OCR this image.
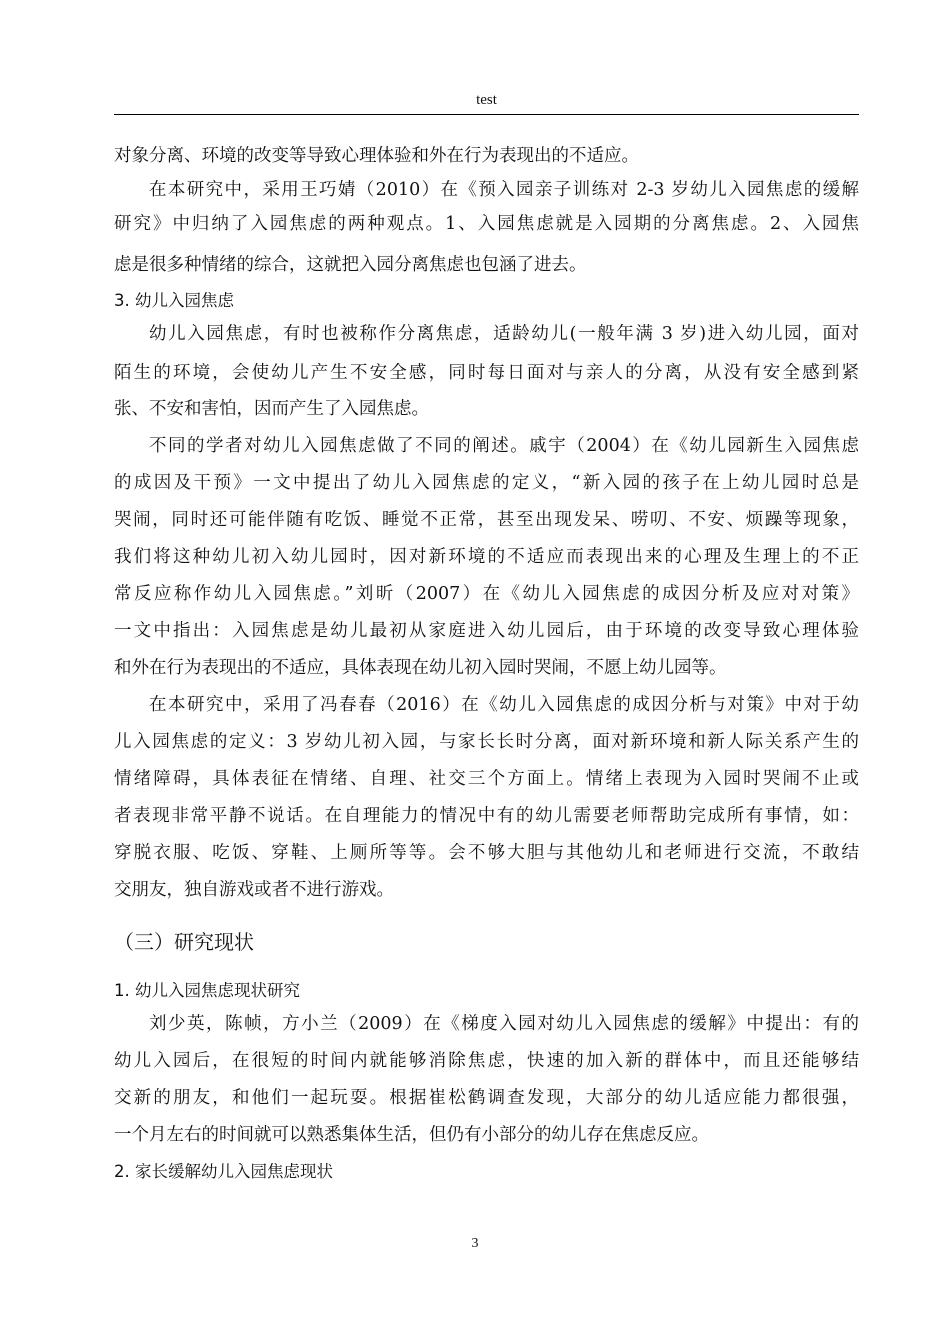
test
对象分离、环境的改变等导致心理体验和外在行为表现出的不适应。
在本研究中，采用王巧婧（2010）在《预入园亲子训练对 2-3 岁幼儿入园焦虑的缓解
研究》中归纳了入园焦虑的两种观点。1、入园焦虑就是入园期的分离焦虑。2、入园焦
虑是很多种情绪的综合，这就把入园分离焦虑也包涵了进去。
3. 幼儿入园焦虑
幼儿入园焦虑，有时也被称作分离焦虑，适龄幼儿(一般年满 3 岁)进入幼儿园，面对
陌生的环境，会使幼儿产生不安全感，同时每日面对与亲人的分离，从没有安全感到紧
张、不安和害怕，因而产生了入园焦虑。
不同的学者对幼儿入园焦虑做了不同的阐述。戚宇（2004）在《幼儿园新生入园焦虑
的成因及干预》一文中提出了幼儿入园焦虑的定义，“新入园的孩子在上幼儿园时总是
哭闹，同时还可能伴随有吃饭、睡觉不正常，甚至出现发呆、唠叨、不安、烦躁等现象，
我们将这种幼儿初入幼儿园时，因对新环境的不适应而表现出来的心理及生理上的不正
常反应称作幼儿入园焦虑。”刘昕（2007）在《幼儿入园焦虑的成因分析及应对对策》
一文中指出：入园焦虑是幼儿最初从家庭进入幼儿园后，由于环境的改变导致心理体验
和外在行为表现出的不适应，具体表现在幼儿初入园时哭闹，不愿上幼儿园等。
在本研究中，采用了冯春春（2016）在《幼儿入园焦虑的成因分析与对策》中对于幼
儿入园焦虑的定义：3 岁幼儿初入园，与家长长时分离，面对新环境和新人际关系产生的
情绪障碍，具体表征在情绪、自理、社交三个方面上。情绪上表现为入园时哭闹不止或
者表现非常平静不说话。在自理能力的情况中有的幼儿需要老师帮助完成所有事情，如：
穿脱衣服、吃饭、穿鞋、上厕所等等。会不够大胆与其他幼儿和老师进行交流，不敢结
交朋友，独自游戏或者不进行游戏。
（三）研究现状
1. 幼儿入园焦虑现状研究
刘少英，陈帧，方小兰（2009）在《梯度入园对幼儿入园焦虑的缓解》中提出：有的
幼儿入园后，在很短的时间内就能够消除焦虑，快速的加入新的群体中，而且还能够结
交新的朋友，和他们一起玩耍。根据崔松鹤调查发现，大部分的幼儿适应能力都很强，
一个月左右的时间就可以熟悉集体生活，但仍有小部分的幼儿存在焦虑反应。
2. 家长缓解幼儿入园焦虑现状
3
